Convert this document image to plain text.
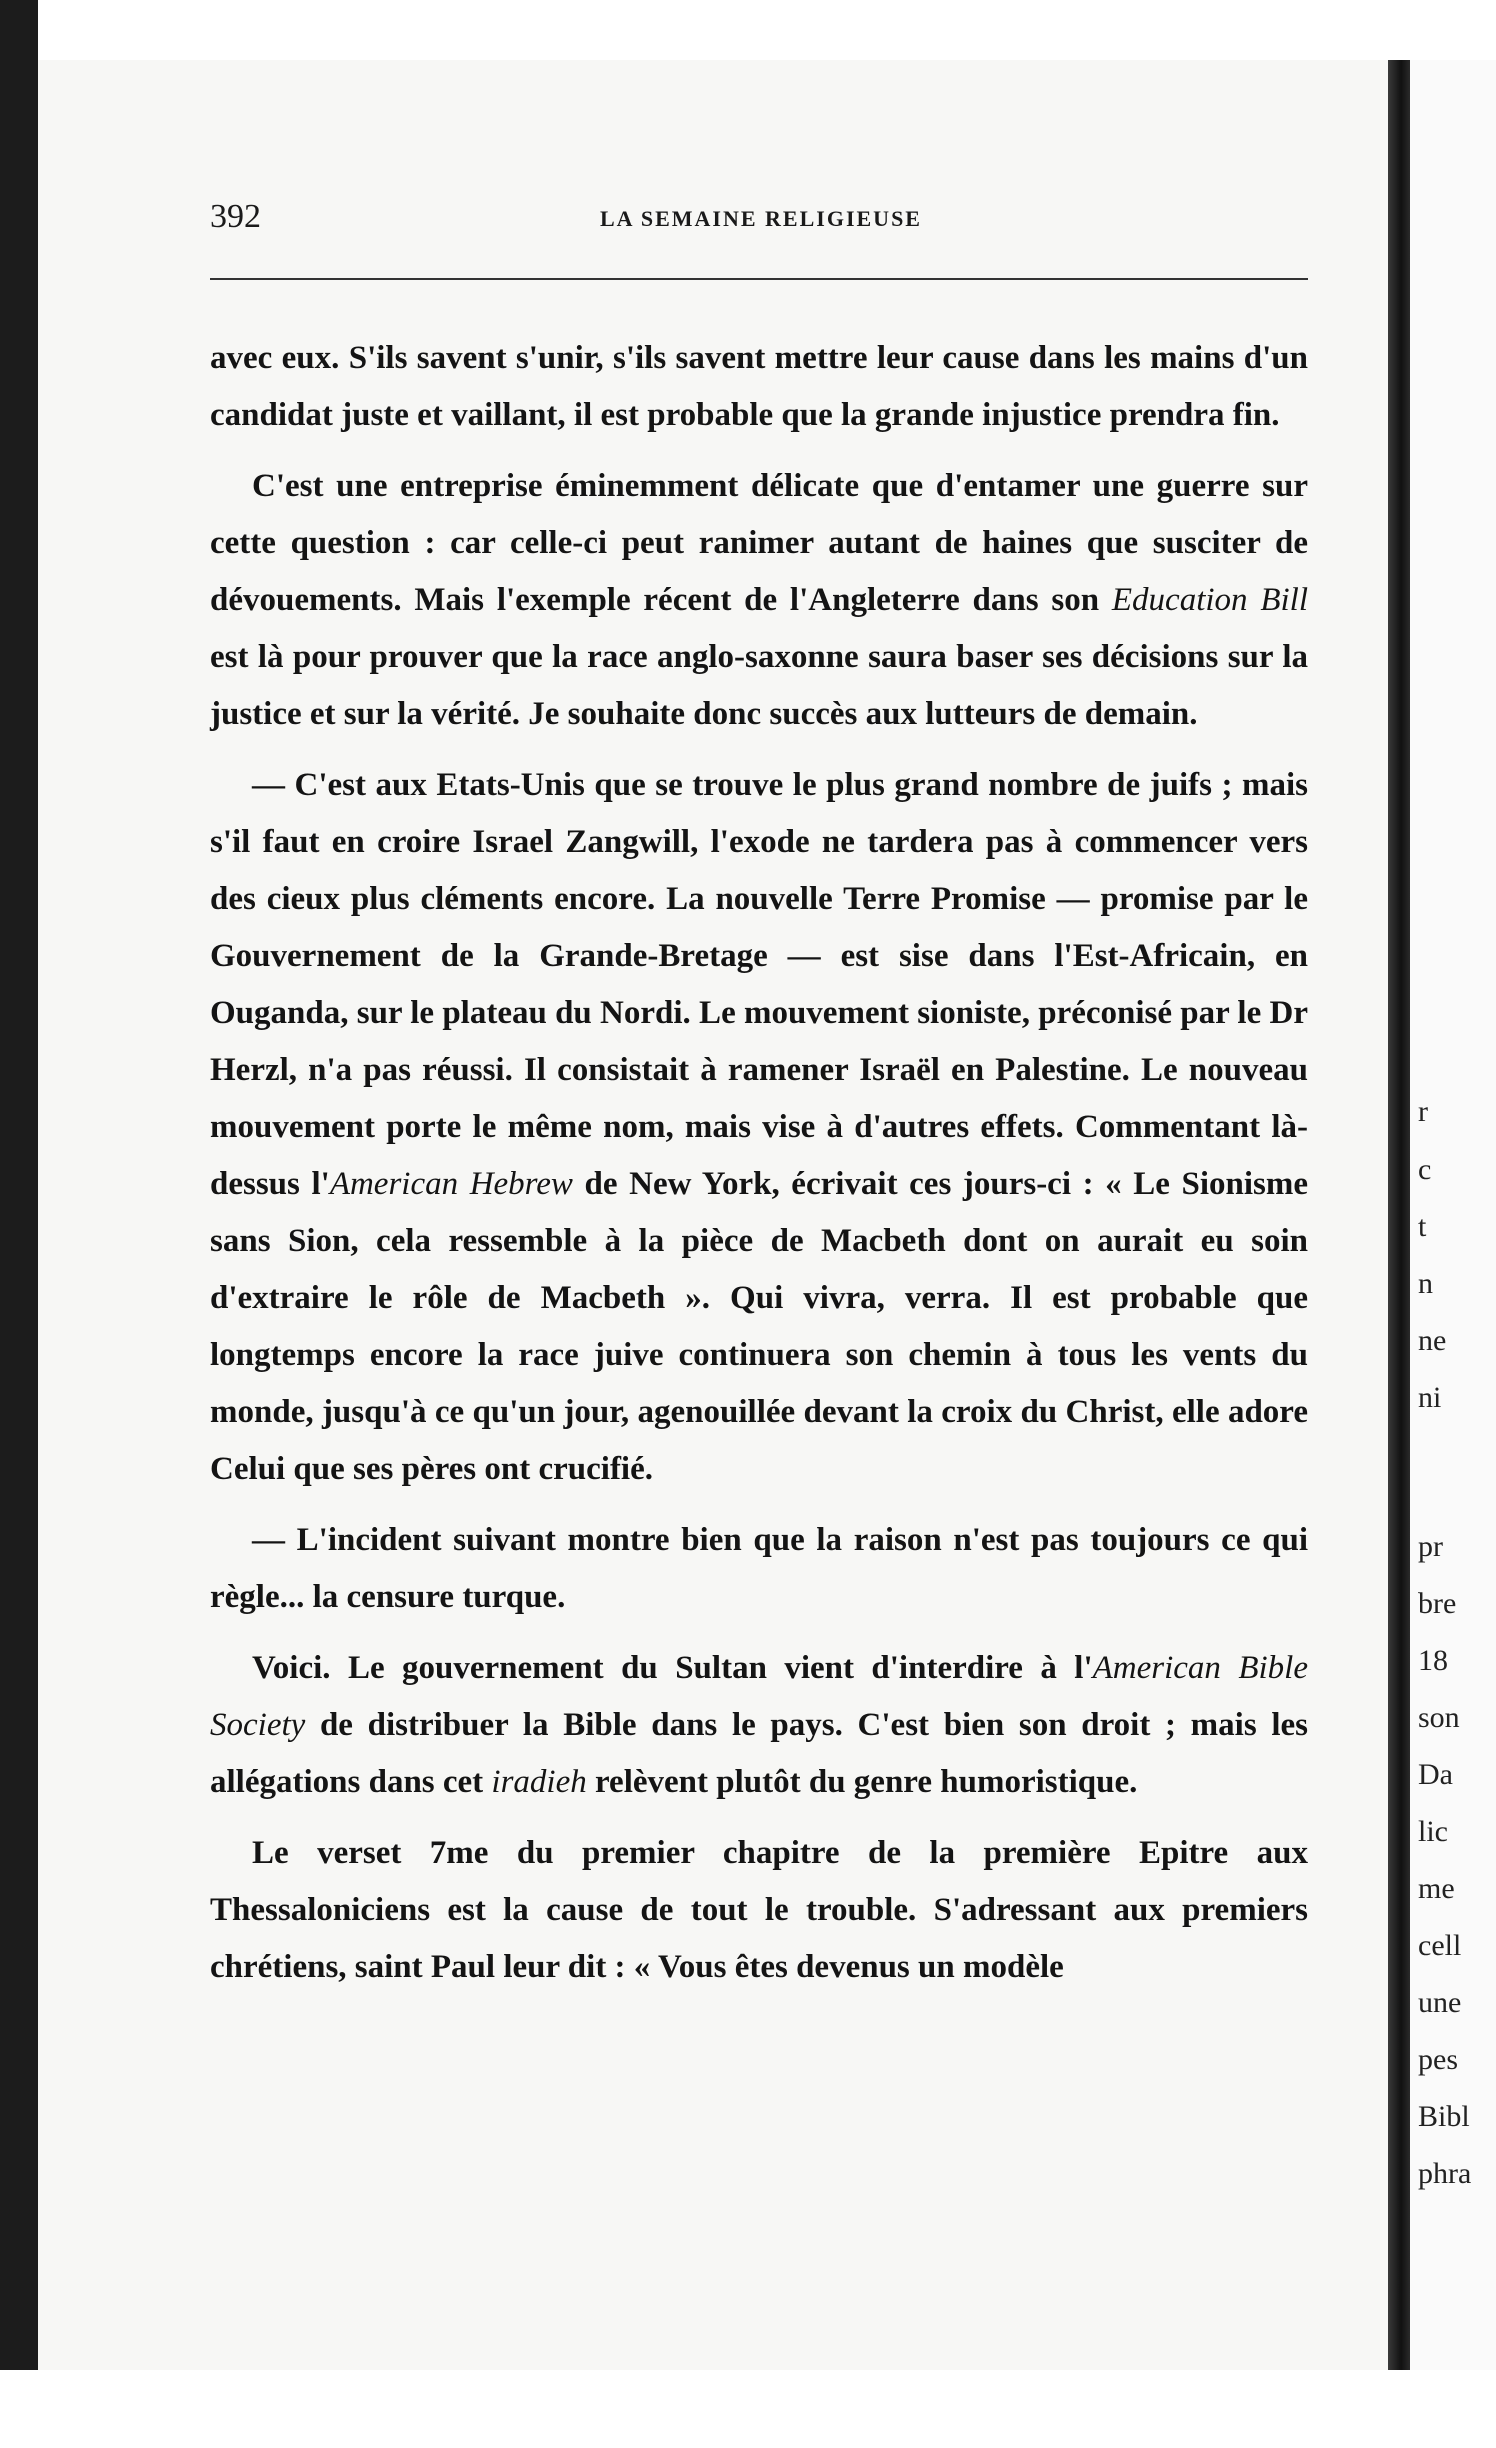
r
c
t
n
ne
ni
pr
bre
18
son
Da
lic
me
cell
une
pes
Bibl
phra
392	LA SEMAINE RELIGIEUSE

avec eux. S'ils savent s'unir, s'ils savent mettre leur cause dans les mains d'un candidat juste et vaillant, il est probable que la grande injustice prendra fin.

C'est une entreprise éminemment délicate que d'entamer une guerre sur cette question : car celle-ci peut ranimer autant de haines que susciter de dévouements. Mais l'exemple récent de l'Angleterre dans son Education Bill est là pour prouver que la race anglo-saxonne saura baser ses décisions sur la justice et sur la vérité. Je souhaite donc succès aux lutteurs de demain.

— C'est aux Etats-Unis que se trouve le plus grand nombre de juifs ; mais s'il faut en croire Israel Zangwill, l'exode ne tardera pas à commencer vers des cieux plus cléments encore. La nouvelle Terre Promise — promise par le Gouvernement de la Grande-Bretage — est sise dans l'Est-Africain, en Ouganda, sur le plateau du Nordi. Le mouvement sioniste, préconisé par le Dr Herzl, n'a pas réussi. Il consistait à ramener Israël en Palestine. Le nouveau mouvement porte le même nom, mais vise à d'autres effets. Commentant là-dessus l'American Hebrew de New York, écrivait ces jours-ci : « Le Sionisme sans Sion, cela ressemble à la pièce de Macbeth dont on aurait eu soin d'extraire le rôle de Macbeth ». Qui vivra, verra. Il est probable que longtemps encore la race juive continuera son chemin à tous les vents du monde, jusqu'à ce qu'un jour, agenouillée devant la croix du Christ, elle adore Celui que ses pères ont crucifié.

— L'incident suivant montre bien que la raison n'est pas toujours ce qui règle... la censure turque.

Voici. Le gouvernement du Sultan vient d'interdire à l'American Bible Society de distribuer la Bible dans le pays. C'est bien son droit ; mais les allégations dans cet iradieh relèvent plutôt du genre humoristique.

Le verset 7me du premier chapitre de la première Epitre aux Thessaloniciens est la cause de tout le trouble. S'adressant aux premiers chrétiens, saint Paul leur dit : « Vous êtes devenus un modèle
